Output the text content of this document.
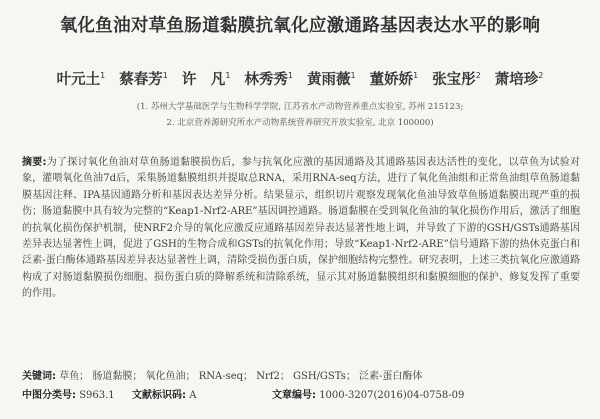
氧化鱼油对草鱼肠道黏膜抗氧化应激通路基因表达水平的影响
叶元土$^1$ 蔡春芳$^1$ 许　凡$^1$ 林秀秀$^1$ 黄雨薇$^1$ 董娇娇$^1$ 张宝彤$^2$ 萧培珍$^2$
(1. 苏州大学基础医学与生物科学学院, 江苏省水产动物营养重点实验室, 苏州 215123;
2. 北京营养源研究所水产动物系统营养研究开放实验室, 北京 100000)
摘要:为了探讨氧化鱼油对草鱼肠道黏膜损伤后，参与抗氧化应激的基因通路及其通路基因表达活性的变化，以草鱼为试验对象，灌喂氧化鱼油7d后，采集肠道黏膜组织并提取总RNA，采用RNA-seq方法，进行了氧化鱼油组和正常鱼油组草鱼肠道黏膜基因注释、IPA基因通路分析和基因表达差异分析。结果显示，组织切片观察发现氧化鱼油导致草鱼肠道黏膜出现严重的损伤；肠道黏膜中具有较为完整的“Keap1-Nrf2-ARE”基因调控通路。肠道黏膜在受到氧化鱼油的氧化损伤作用后，激活了细胞的抗氧化损伤保护机制，使NRF2介导的氧化应激反应通路基因差异表达显著性地上调，并导致了下游的GSH/GSTs通路基因差异表达显著性上调，促进了GSH的生物合成和GSTs的抗氧化作用；导致“Keap1-Nrf2-ARE”信号通路下游的热休克蛋白和泛素-蛋白酶体通路基因差异表达显著性上调，清除受损伤蛋白质，保护细胞结构完整性。研究表明，上述三类抗氧化应激通路构成了对肠道黏膜损伤细胞、损伤蛋白质的降解系统和清除系统，显示其对肠道黏膜组织和黏膜细胞的保护、修复发挥了重要的作用。
关键词: 草鱼； 肠道黏膜； 氧化鱼油； RNA-seq； Nrf2； GSH/GSTs； 泛素-蛋白酶体
中图分类号: S963.1	文献标识码: A	文章编号: 1000-3207(2016)04-0758-09
